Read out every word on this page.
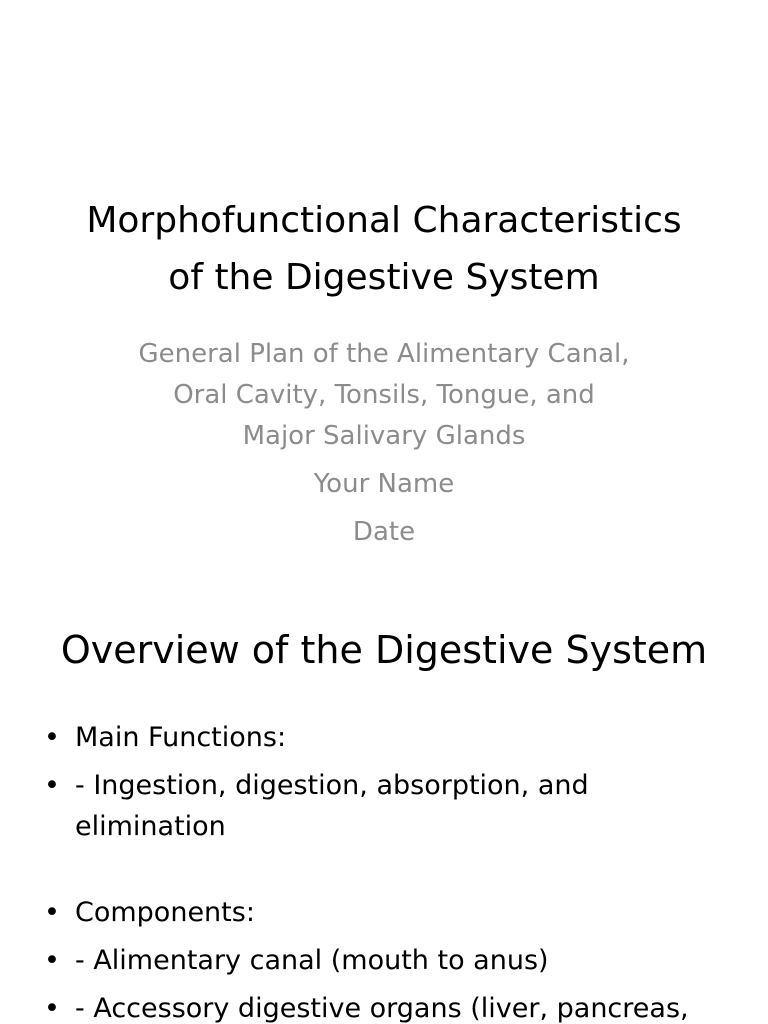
Morphofunctional Characteristics
of the Digestive System

General Plan of the Alimentary Canal,
Oral Cavity, Tonsils, Tongue, and
Major Salivary Glands

Your Name

Date

Overview of the Digestive System
• Main Functions:
• - Ingestion, digestion, absorption, and elimination
• Components:
• - Alimentary canal (mouth to anus)
• - Accessory digestive organs (liver, pancreas,
